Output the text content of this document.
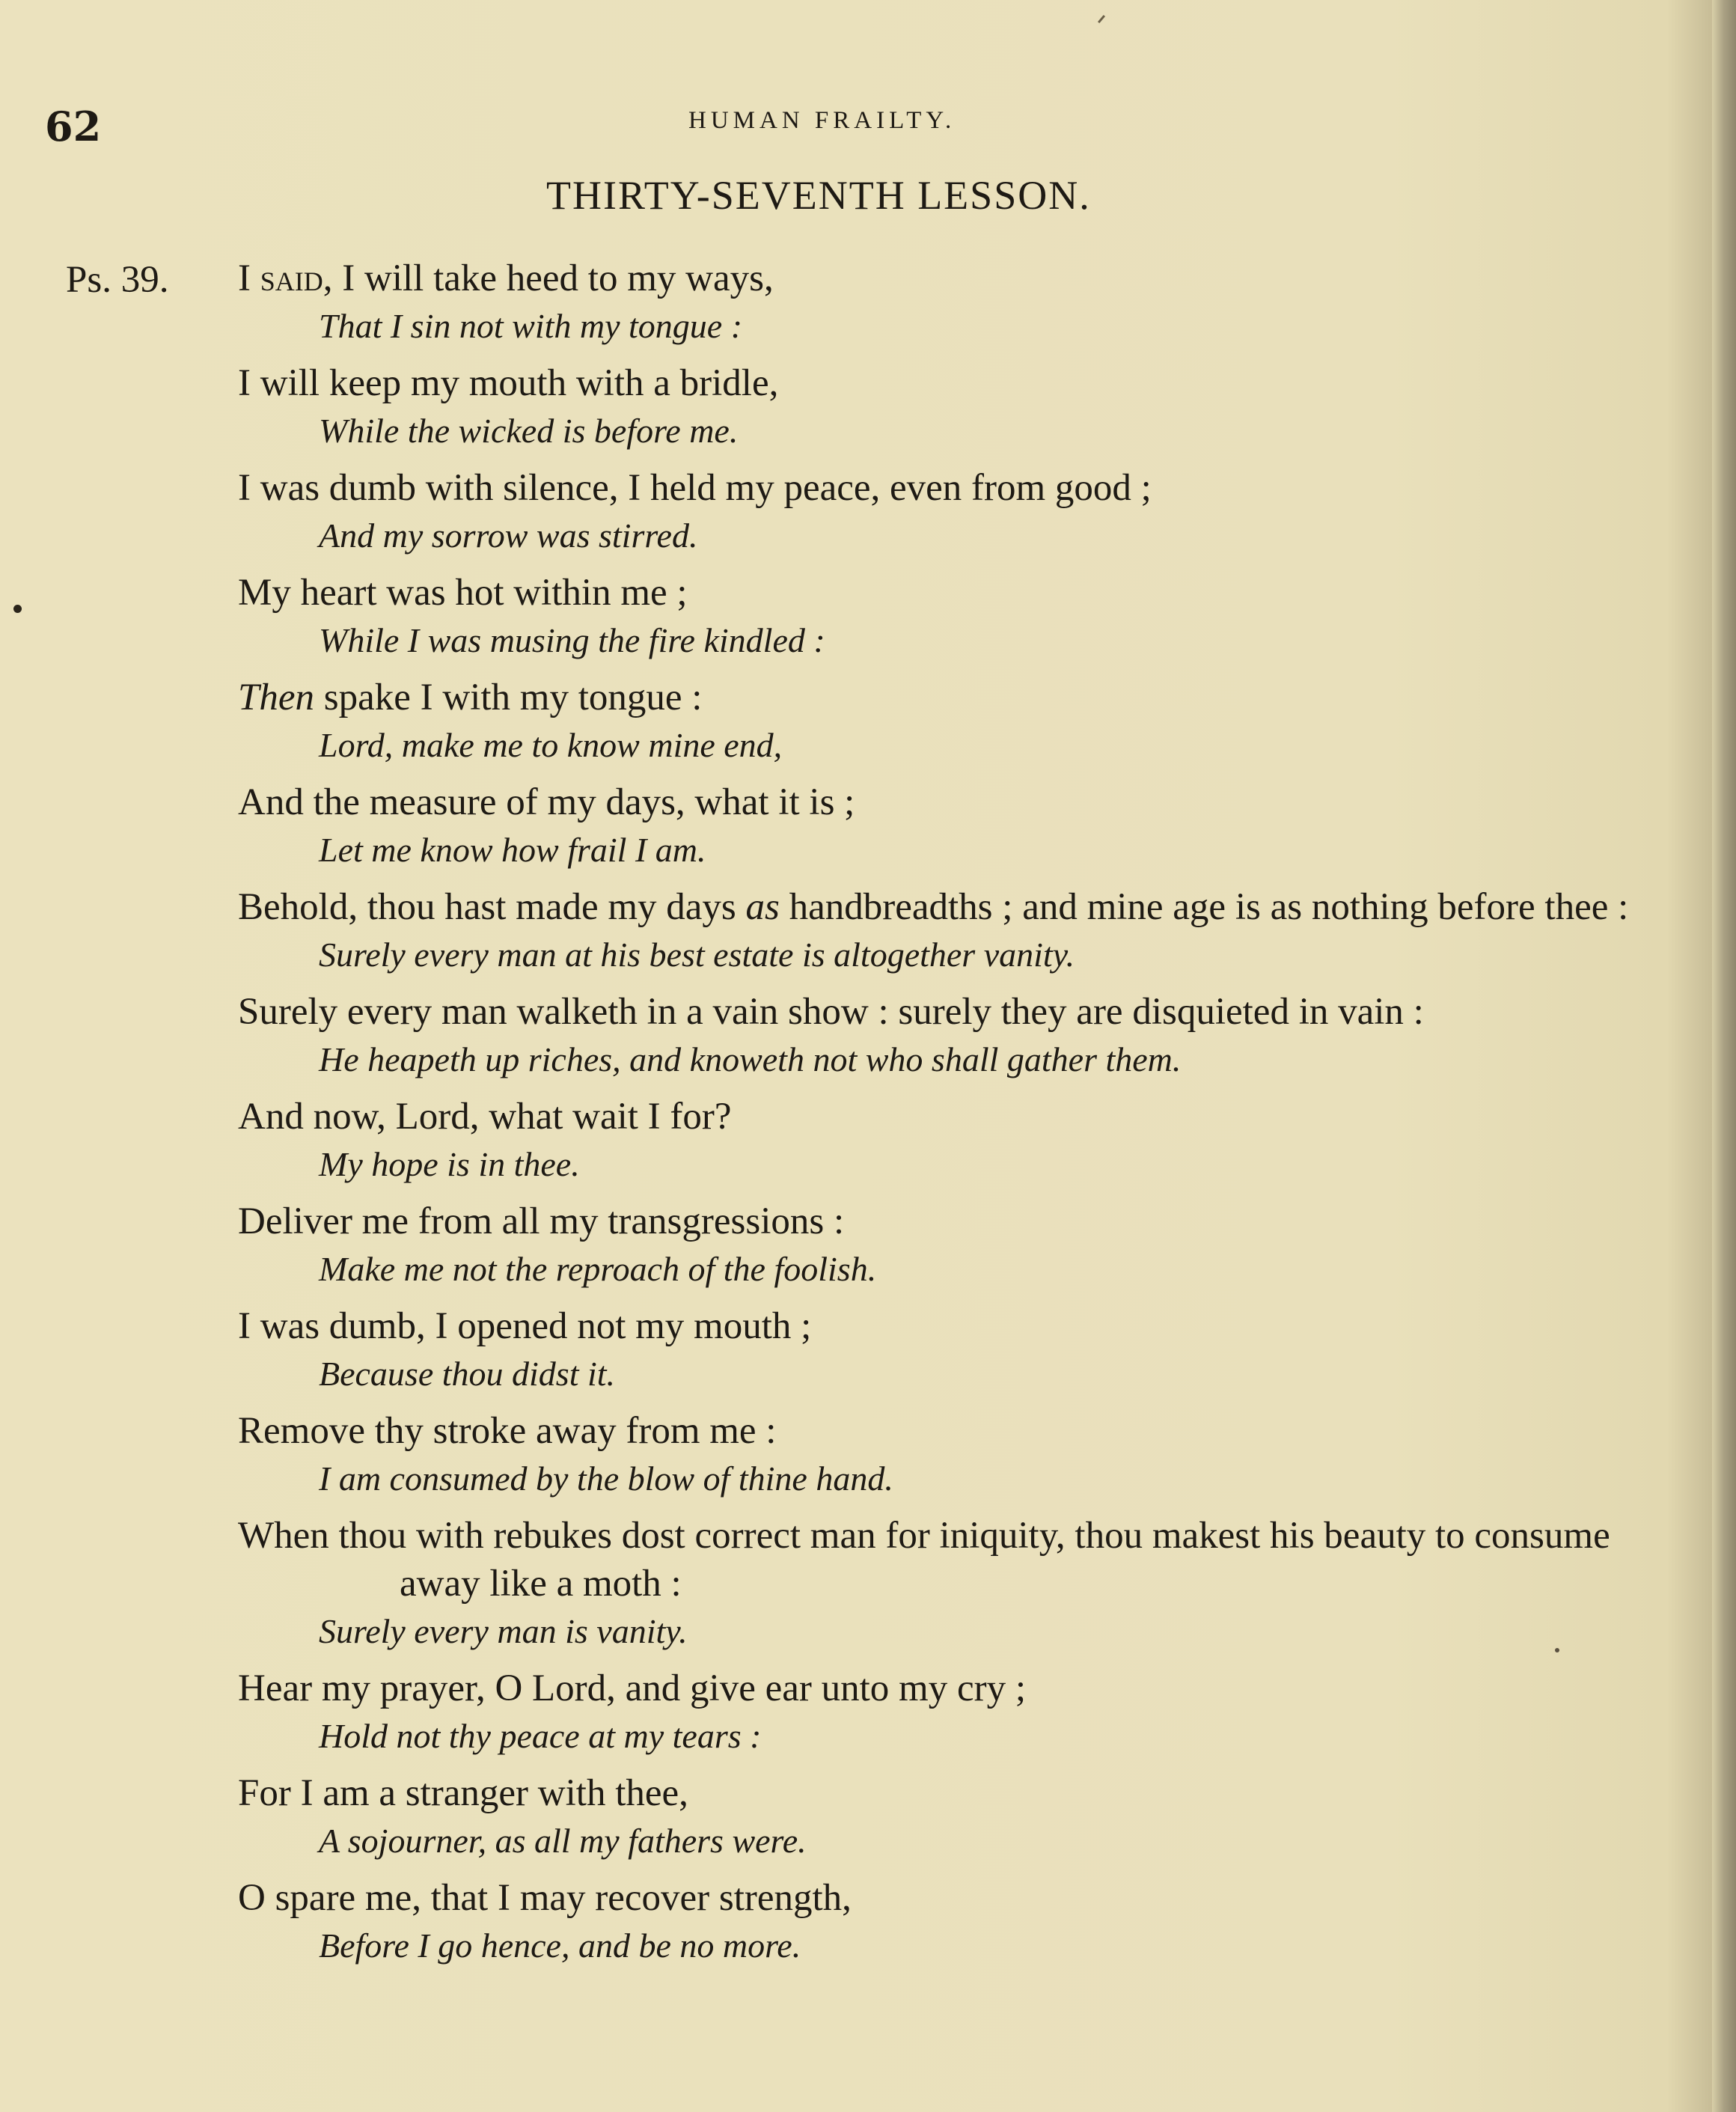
62	HUMAN FRAILTY.
THIRTY-SEVENTH LESSON.
Ps. 39. I said, I will take heed to my ways,
That I sin not with my tongue :
I will keep my mouth with a bridle,
While the wicked is before me.
I was dumb with silence, I held my peace, even from good ;
And my sorrow was stirred.
My heart was hot within me ;
While I was musing the fire kindled :
Then spake I with my tongue :
Lord, make me to know mine end,
And the measure of my days, what it is ;
Let me know how frail I am.
Behold, thou hast made my days as handbreadths ; and mine age is as nothing before thee :
Surely every man at his best estate is altogether vanity.
Surely every man walketh in a vain show : surely they are disquieted in vain :
He heapeth up riches, and knoweth not who shall gather them.
And now, Lord, what wait I for?
My hope is in thee.
Deliver me from all my transgressions :
Make me not the reproach of the foolish.
I was dumb, I opened not my mouth ;
Because thou didst it.
Remove thy stroke away from me :
I am consumed by the blow of thine hand.
When thou with rebukes dost correct man for iniquity, thou makest his beauty to consume away like a moth :
Surely every man is vanity.
Hear my prayer, O Lord, and give ear unto my cry ;
Hold not thy peace at my tears :
For I am a stranger with thee,
A sojourner, as all my fathers were.
O spare me, that I may recover strength,
Before I go hence, and be no more.
